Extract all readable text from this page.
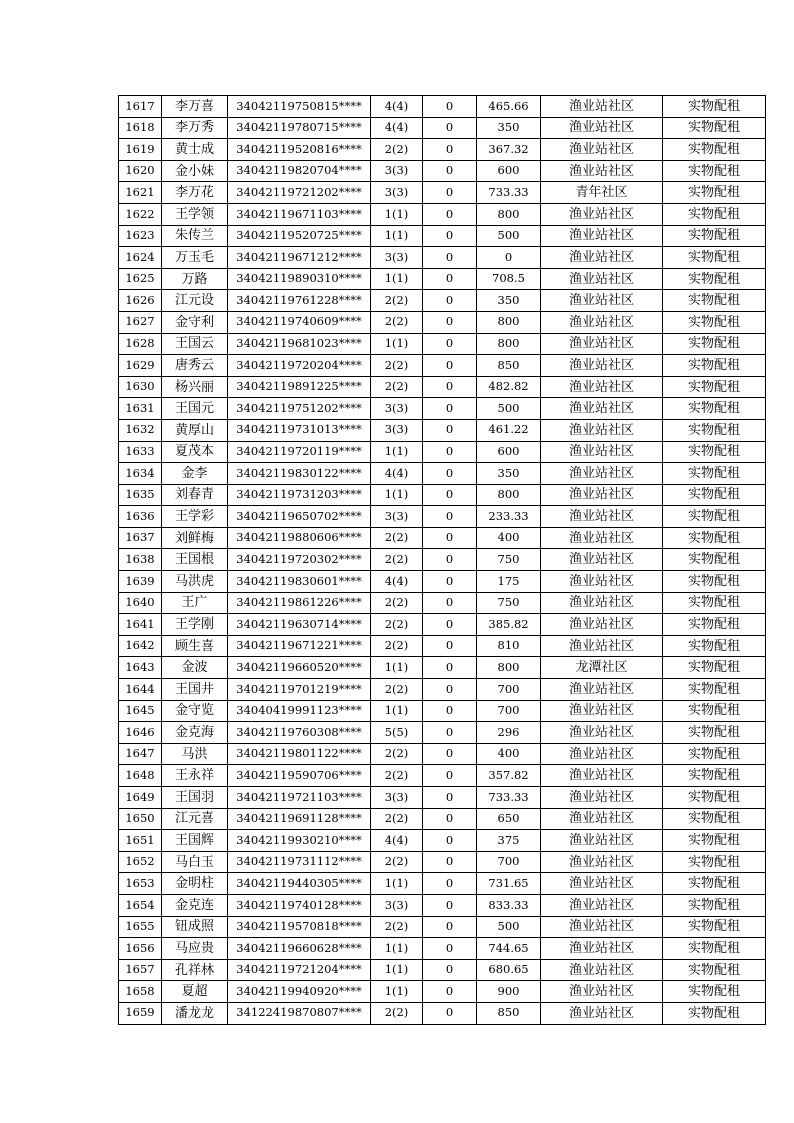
1617	李万喜	34042119750815****	4(4)	0	465.66	渔业站社区	实物配租
1618	李万秀	34042119780715****	4(4)	0	350	渔业站社区	实物配租
1619	黄士成	34042119520816****	2(2)	0	367.32	渔业站社区	实物配租
1620	金小妹	34042119820704****	3(3)	0	600	渔业站社区	实物配租
1621	李万花	34042119721202****	3(3)	0	733.33	青年社区	实物配租
1622	王学领	34042119671103****	1(1)	0	800	渔业站社区	实物配租
1623	朱传兰	34042119520725****	1(1)	0	500	渔业站社区	实物配租
1624	万玉毛	34042119671212****	3(3)	0	0	渔业站社区	实物配租
1625	万路	34042119890310****	1(1)	0	708.5	渔业站社区	实物配租
1626	江元设	34042119761228****	2(2)	0	350	渔业站社区	实物配租
1627	金守利	34042119740609****	2(2)	0	800	渔业站社区	实物配租
1628	王国云	34042119681023****	1(1)	0	800	渔业站社区	实物配租
1629	唐秀云	34042119720204****	2(2)	0	850	渔业站社区	实物配租
1630	杨兴丽	34042119891225****	2(2)	0	482.82	渔业站社区	实物配租
1631	王国元	34042119751202****	3(3)	0	500	渔业站社区	实物配租
1632	黄厚山	34042119731013****	3(3)	0	461.22	渔业站社区	实物配租
1633	夏茂本	34042119720119****	1(1)	0	600	渔业站社区	实物配租
1634	金李	34042119830122****	4(4)	0	350	渔业站社区	实物配租
1635	刘春青	34042119731203****	1(1)	0	800	渔业站社区	实物配租
1636	王学彩	34042119650702****	3(3)	0	233.33	渔业站社区	实物配租
1637	刘鲜梅	34042119880606****	2(2)	0	400	渔业站社区	实物配租
1638	王国根	34042119720302****	2(2)	0	750	渔业站社区	实物配租
1639	马洪虎	34042119830601****	4(4)	0	175	渔业站社区	实物配租
1640	王广	34042119861226****	2(2)	0	750	渔业站社区	实物配租
1641	王学刚	34042119630714****	2(2)	0	385.82	渔业站社区	实物配租
1642	顾生喜	34042119671221****	2(2)	0	810	渔业站社区	实物配租
1643	金波	34042119660520****	1(1)	0	800	龙潭社区	实物配租
1644	王国井	34042119701219****	2(2)	0	700	渔业站社区	实物配租
1645	金守览	34040419991123****	1(1)	0	700	渔业站社区	实物配租
1646	金克海	34042119760308****	5(5)	0	296	渔业站社区	实物配租
1647	马洪	34042119801122****	2(2)	0	400	渔业站社区	实物配租
1648	王永祥	34042119590706****	2(2)	0	357.82	渔业站社区	实物配租
1649	王国羽	34042119721103****	3(3)	0	733.33	渔业站社区	实物配租
1650	江元喜	34042119691128****	2(2)	0	650	渔业站社区	实物配租
1651	王国辉	34042119930210****	4(4)	0	375	渔业站社区	实物配租
1652	马白玉	34042119731112****	2(2)	0	700	渔业站社区	实物配租
1653	金明柱	34042119440305****	1(1)	0	731.65	渔业站社区	实物配租
1654	金克连	34042119740128****	3(3)	0	833.33	渔业站社区	实物配租
1655	钮成照	34042119570818****	2(2)	0	500	渔业站社区	实物配租
1656	马应贵	34042119660628****	1(1)	0	744.65	渔业站社区	实物配租
1657	孔祥林	34042119721204****	1(1)	0	680.65	渔业站社区	实物配租
1658	夏超	34042119940920****	1(1)	0	900	渔业站社区	实物配租
1659	潘龙龙	34122419870807****	2(2)	0	850	渔业站社区	实物配租
